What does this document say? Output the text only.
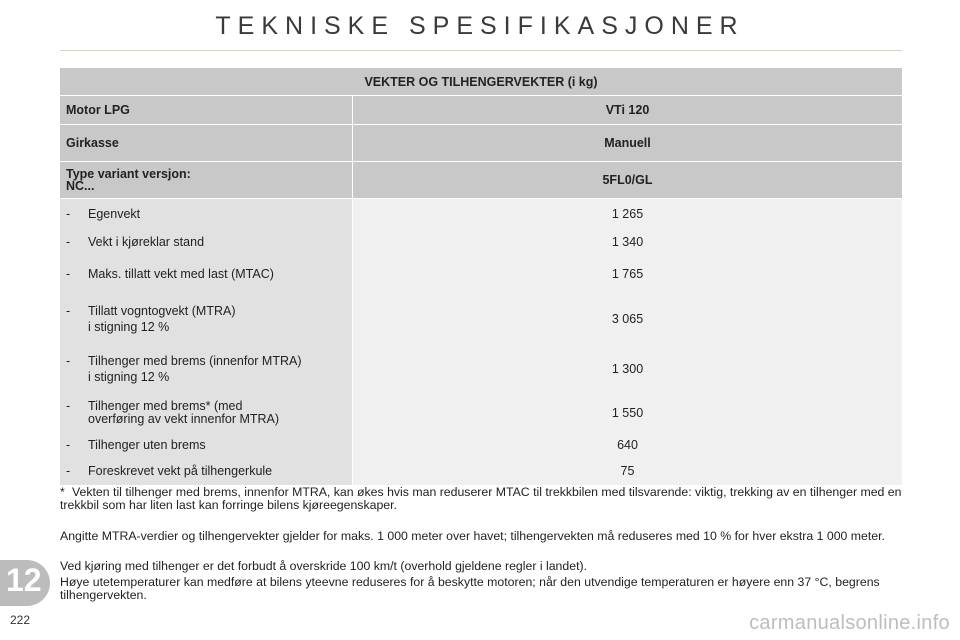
TEKNISKE SPESIFIKASJONER
VEKTER OG TILHENGERVEKTER (i kg)	
Motor LPG	VTi 120
Girkasse	Manuell
Type variant versjon:
NC...	5FL0/GL
- Egenvekt	1 265
- Vekt i kjøreklar stand	1 340
- Maks. tillatt vekt med last (MTAC)	1 765
- Tillatt vogntogvekt (MTRA)
i stigning 12 %	3 065
- Tilhenger med brems (innenfor MTRA)
i stigning 12 %	1 300
- Tilhenger med brems* (med
overføring av vekt innenfor MTRA)	1 550
- Tilhenger uten brems	640
- Foreskrevet vekt på tilhengerkule	75
* Vekten til tilhenger med brems, innenfor MTRA, kan økes hvis man reduserer MTAC til trekkbilen med tilsvarende: viktig, trekking av en tilhenger med en trekkbil som har liten last kan forringe bilens kjøreegenskaper.

Angitte MTRA-verdier og tilhengervekter gjelder for maks. 1 000 meter over havet; tilhengervekten må reduseres med 10 % for hver ekstra 1 000 meter.

Ved kjøring med tilhenger er det forbudt å overskride 100 km/t (overhold gjeldene regler i landet).

Høye utetemperaturer kan medføre at bilens yteevne reduseres for å beskytte motoren; når den utvendige temperaturen er høyere enn 37 °C, begrens tilhengervekten.

12
222	carmanualsonline.info
